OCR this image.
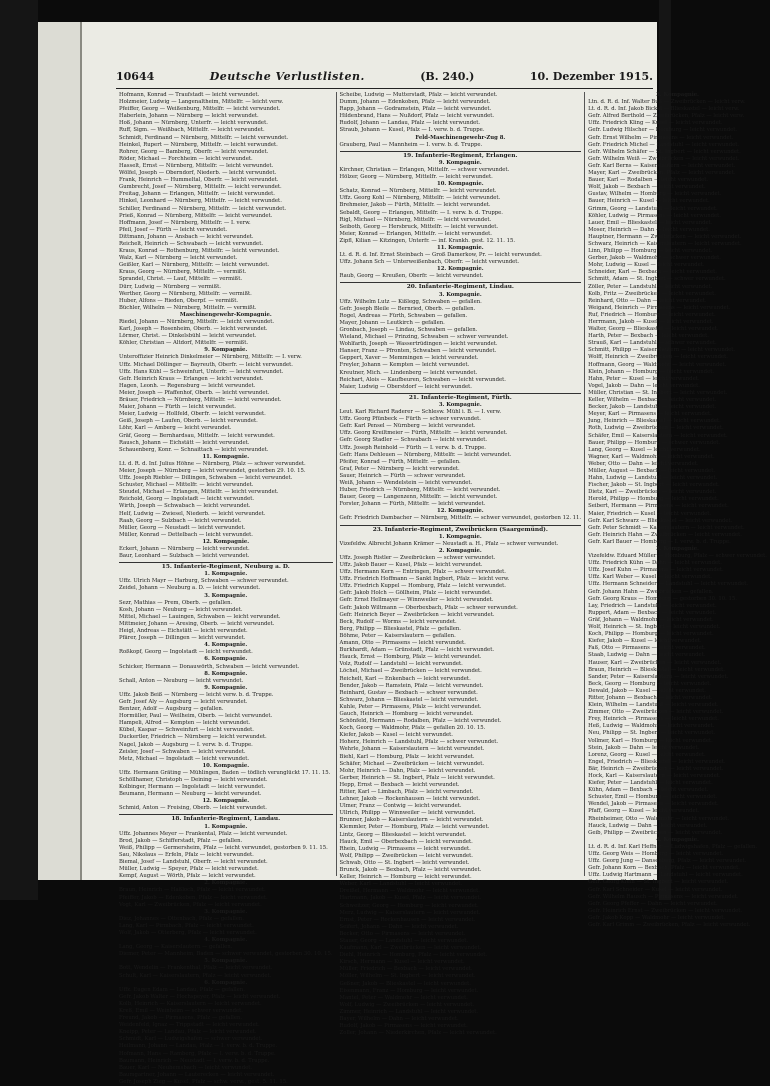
10644	Deutsche Verlustlisten.	(B. 240.)	10. Dezember 1915.
Hofmann, Konrad — Traufstadt — leicht verwundet.
Holzmeier, Ludwig — Langenaltheim, Mittelfr. — leicht verw.
Pfeiffer, Georg — Weißenburg, Mittelfr. — leicht verwundet.
Haberlein, Johann — Nürnberg — leicht verwundet.
Hoß, Johann — Nürnberg, Unterfr. — leicht verwundet.
Ruff, Sigm. — Weißbach, Mittelfr. — leicht verwundet.
Schmidt, Ferdinand — Nürnberg, Mittelfr. — leicht verwundet.
Heinkel, Rupert — Nürnberg, Mittelfr. — leicht verwundet.
Rohrer, Georg — Bamberg, Oberfr. — leicht verwundet.
Röder, Michael — Forchheim — leicht verwundet.
Hasselt, Ernst — Nürnberg, Mittelfr. — leicht verwundet.
Wölfel, Joseph — Oberndorf, Niederb. — leicht verwundet.
Frank, Heinrich — Hummeltal, Oberfr. — leicht verwundet.
Gumbrecht, Josef — Nürnberg, Mittelfr. — leicht verwundet.
Freitag, Johann — Erlangen, Mittelfr. — leicht verwundet.
Hinkel, Leonhard — Nürnberg, Mittelfr. — leicht verwundet.
Schiller, Ferdinand — Nürnberg, Mittelfr. — leicht verwundet.
Prieß, Konrad — Nürnberg, Mittelfr. — leicht verwundet.
Hoffmann, Josef — Nürnberg, Mittelfr. — I. verw.
Pfeil, Josef — Fürth — leicht verwundet.
Dittmann, Johann — Ansbach — leicht verwundet.
Reichelt, Heinrich — Schwabach — leicht verwundet.
Kraus, Konrad — Rothenburg, Mittelfr. — leicht verwundet.
Walz, Karl — Nürnberg — leicht verwundet.
Geißler, Karl — Nürnberg, Mittelfr. — leicht verwundet.
Kraus, Georg — Nürnberg, Mittelfr. — vermißt.
Sprandel, Christ. — Lauf, Mittelfr. — vermißt.
Dürr, Ludwig — Nürnberg — vermißt.
Werther, Georg — Nürnberg, Mittelfr. — vermißt.
Huber, Alfons — Rieden, Oberpf. — vermißt.
Büchler, Wilhelm — Nürnberg, Mittelfr. — vermißt.
Maschinengewehr-Kompagnie.
Riedel, Johann — Nürnberg, Mittelfr. — leicht verwundet.
Karl, Joseph — Rosenheim, Oberb. — leicht verwundet.
Lörmer, Christ. — Dinkelsbühl — leicht verwundet.
Köhler, Christian — Altdorf, Mittelfr. — vermißt.
9. Kompagnie.
Unteroffizier Heinrich Dinkelmeier — Nürnberg, Mittelfr. — I. verw.
Uffz. Michael Döllinger — Bayreuth, Oberfr. — leicht verwundet.
Uffz. Hans Kühl — Schweinfurt, Unterfr. — leicht verwundet.
Gefr. Heinrich Kraus — Erlangen — leicht verwundet.
Hagen, Leonh. — Regensburg — leicht verwundet.
Meier, Joseph — Pfaffenhof, Oberb. — leicht verwundet.
Bräuer, Friedrich — Nürnberg, Mittelfr. — leicht verwundet.
Maier, Johann — Fürth — leicht verwundet.
Meier, Ludwig — Hollfeld, Oberfr. — leicht verwundet.
Geiß, Joseph — Laufen, Oberb. — leicht verwundet.
Löhr, Karl — Amberg — leicht verwundet.
Gräf, Georg — Bernhardsau, Mittelfr. — leicht verwundet.
Rausch, Johann — Eichstätt — leicht verwundet.
Schauenberg, Konr. — Schnaittach — leicht verwundet.
11. Kompagnie.
Lt. d. R. d. Inf. Julius Höhne — Nürnberg, Pfalz — schwer verwundet.
Meier, Joseph — Nürnberg — leicht verwundet, gestorben 29. 10. 15.
Uffz. Joseph Riebler — Dillingen, Schwaben — leicht verwundet.
Schuster, Michael — Mittelfr. — leicht verwundet.
Steudel, Michael — Erlangen, Mittelfr. — leicht verwundet.
Reichold, Georg — Ingolstadt — leicht verwundet.
Wirth, Joseph — Schwabach — leicht verwundet.
Helf, Ludwig — Zwiesel, Niederb. — leicht verwundet.
Raab, Georg — Sulzbach — leicht verwundet.
Müller, Georg — Neustadt — leicht verwundet.
Müller, Konrad — Dettelbach — leicht verwundet.
12. Kompagnie.
Eckert, Johann — Nürnberg — leicht verwundet.
Baur, Leonhard — Sulzbach — leicht verwundet.
15. Infanterie-Regiment, Neuburg a. D.
1. Kompagnie.
Uffz. Ulrich Mayr — Harburg, Schwaben — schwer verwundet.
Zeidel, Johann — Neuburg a. D. — leicht verwundet.
3. Kompagnie.
Sezr, Mathias — Prem, Oberb. — gefallen.
Kosh, Johann — Neuburg — leicht verwundet.
Mittel, Michael — Lauingen, Schwaben — leicht verwundet.
Mittmeier, Johann — Aresing, Oberb. — leicht verwundet.
Heigl, Andreas — Eichstätt — leicht verwundet.
Pfärer, Joseph — Dillingen — leicht verwundet.
4. Kompagnie.
Roßkopf, Georg — Ingolstadt — leicht verwundet.
6. Kompagnie.
Schicker, Hermann — Donauwörth, Schwaben — leicht verwundet.
8. Kompagnie.
Schall, Anton — Neuburg — leicht verwundet.
9. Kompagnie.
Uffz. Jakob Beiß — Nürnberg — leicht verw. b. d. Truppe.
Gefr. Josef Aly — Augsburg — leicht verwundet.
Bentzer, Adolf — Augsburg — gefallen.
Hormüller, Paul — Weilheim, Oberb. — leicht verwundet.
Hampeli, Alfred — Kempten — leicht verwundet.
Kübel, Kaspar — Schweinfurt — leicht verwundet.
Duckertler, Friedrich — Nürnberg — leicht verwundet.
Nagel, Jakob — Augsburg — I. verw. b. d. Truppe.
Zeisler, Josef — Schwaben — leicht verwundet.
Metz, Michael — Ingolstadt — leicht verwundet.
10. Kompagnie.
Uffz. Hermann Gräting — Mühlingen, Baden — tödlich verunglückt 17. 11. 15.
Schöllhamer, Christoph — Deining — leicht verwundet.
Kolbinger, Hermann — Ingolstadt — leicht verwundet.
Beumann, Hermann — Neuburg — leicht verwundet.
12. Kompagnie.
Schmid, Anton — Freising, Oberb. — leicht verwundet.
18. Infanterie-Regiment, Landau.
1. Kompagnie.
Uffz. Johannes Meyer — Frankental, Pfalz — leicht verwundet.
Brod, Jakob — Schifferstadt, Pfalz — gefallen.
Weiß, Philipp — Germersheim, Pfalz — leicht verwundet, gestorben 9. 11. 15.
Sau, Nikolaus — Erfeln, Pfalz — leicht verwundet.
Biemal, Josef — Landstuhl, Oberfr. — leicht verwundet.
Müller, Ludwig — Speyer, Pfalz — leicht verwundet.
Kempf, August — Wörth, Pfalz — leicht verwundet.
2. Kompagnie.
Braun, Heinrich — Haßloch, Pfalz — leicht verwundet.
Pfeiffer, Jakob — Edenkoben, Pfalz — leicht verwundet.
Vogt, Karl — Zweibrücken, Pfalz — leicht verwundet.
3. Kompagnie.
Diez, Johannes — Ottenbach, Pfalz — gefallen.
Lang, Karl — Pirmbach, Pfalz — leicht verwundet.
Wolf, Jakob — Otterberg, Pfalz — leicht verwundet.
4. Kompagnie.
Lang, Georg — Kaiserslautern — gefallen.
Diemer, Peter — Mannheim, Baden — schwer verwundet, gestorben 30. 10. 15.
5. Kompagnie.
Bott, Wendelin — Frankenthal, Pfalz — leicht verwundet.
Schult, Karl — Kaiserslautern, Pfalz — leicht verwundet.
6. Kompagnie.
Uffz. Eugen Edam — Landau, Pfalz — gefallen.
Gefr. Jakob Walter — Hochspeyer, Pfalz — leicht verwundet.
Kolb, Heinrich — Kaiserslautern — leicht verwundet.
Kreß, Emil — Weinheim — schwer verwundet.
Freund, Jakob — Pirmasens, Pfalz — gefallen.
Weidenfeld, Ignaz — Trippstadt — leicht verwundet.
Kneipp, Peter — Landau, Pfalz — leicht verwundet.
Schmidt, Karl — Ludwigshafen — schwer verwundet.
Heilmann, Johann — Landau, Pfalz — I. verw. b. d. Truppe.
Hofmann, Hans — Ramberg, Pfalz — I. verw. b. d. Truppe.
Baumann, Heinrich — Neustadt — I. verw. b. d. Truppe.
Bauer, Karl — Neuhemsbach — leicht verwundet.
Baumgartner, Johann — Lauterecken — leicht verwundet.
Gefr. Joseph Zieg — Kusel, Pfalz — schw. verw., gest. 5. 11. 15.
Scheibe, Ludwig — Mutterstadt, Pfalz — leicht verwundet.
Dumm, Johann — Edenkoben, Pfalz — leicht verwundet.
Rapp, Johann — Godramstein, Pfalz — leicht verwundet.
Hildenbrand, Hans — Nußdorf, Pfalz — leicht verwundet.
Rudolf, Johann — Landau, Pfalz — leicht verwundet.
Straub, Johann — Kusel, Pfalz — I. verw. b. d. Truppe.
Feld-Maschinengewehr-Zug 8.
Grauberg, Paul — Mannheim — I. verw. b. d. Truppe.
19. Infanterie-Regiment, Erlangen.
9. Kompagnie.
Kirchner, Christian — Erlangen, Mittelfr. — schwer verwundet.
Hölzer, Georg — Nürnberg, Mittelfr. — leicht verwundet.
10. Kompagnie.
Schatz, Konrad — Nürnberg, Mittelfr. — leicht verwundet.
Uffz. Georg Kohl — Nürnberg, Mittelfr. — leicht verwundet.
Brehmeier, Jakob — Fürth, Mittelfr. — leicht verwundet.
Sebaldt, Georg — Erlangen, Mittelfr. — I. verw. b. d. Truppe.
Rigl, Michael — Nürnberg, Mittelfr. — leicht verwundet.
Seiboth, Georg — Hersbruck, Mittelfr. — leicht verwundet.
Meier, Konrad — Erlangen, Mittelfr. — leicht verwundet.
Zipfl, Kilian — Kitzingen, Unterfr. — inf. Krankh. gest. 12. 11. 15.
11. Kompagnie.
Lt. d. R. d. Inf. Ernst Steinbach — Groß Damerkow, Pr. — leicht verwundet.
Uffz. Johann Sch — Unterweißenbach, Oberfr. — leicht verwundet.
12. Kompagnie.
Raub, Georg — Kreußen, Oberfr. — leicht verwundet.
20. Infanterie-Regiment, Lindau.
3. Kompagnie.
Uffz. Wilhelm Lutz — Kißlegg, Schwaben — gefallen.
Gefr. Joseph Bleile — Bernried, Oberb. — gefallen.
Rogel, Andreas — Fürth, Schwaben — gefallen.
Mayer, Johann — Leutkirch — gefallen.
Gronbach, Joseph — Lindau, Schwaben — gefallen.
Wieland, Michael — Prinzing, Schwaben — schwer verwundet.
Wohlfarth, Joseph — Wassertrüdingen — leicht verwundet.
Hanser, Franz — Pfronten, Schwaben — leicht verwundet.
Geppert, Xaver — Memmingen — leicht verwundet.
Freyler, Johann — Kempten — leicht verwundet.
Kreutner, Mich. — Lindenberg — leicht verwundet.
Reichart, Alois — Kaufbeuren, Schwaben — leicht verwundet.
Maier, Ludwig — Oberstdorf — leicht verwundet.
21. Infanterie-Regiment, Fürth.
3. Kompagnie.
Leut. Karl Richard Raderer — Schlesw. Mühl i. B. — I. verw.
Uffz. Georg Pfünbeck — Fürth — schwer verwundet.
Gefr. Karl Pensel — Nürnberg — leicht verwundet.
Uffz. Georg Kreiltmeier — Fürth, Mittelfr. — leicht verwundet.
Gefr. Georg Stadler — Schwabach — leicht verwundet.
Uffz. Joseph Reinhold — Fürth — I. verw. b. d. Truppe.
Gefr. Hans Dehleuen — Nürnberg, Mittelfr. — leicht verwundet.
Pfeifer, Konrad — Fürth, Mittelfr. — gefallen.
Graf, Peter — Nürnberg — leicht verwundet.
Sauer, Heinrich — Fürth — schwer verwundet.
Weiß, Johann — Wendelstein — leicht verwundet.
Huber, Friedrich — Nürnberg, Mittelfr. — leicht verwundet.
Bauer, Georg — Langenzenn, Mittelfr. — leicht verwundet.
Forster, Johann — Fürth, Mittelfr. — leicht verwundet.
12. Kompagnie.
Gefr. Friedrich Dambacher — Nürnberg, Mittelfr. — schwer verwundet, gestorben 12. 11.
23. Infanterie-Regiment, Zweibrücken (Saargemünd).
1. Kompagnie.
Vizefeldw. Albrecht Johann Krämer — Neustadt a. H., Pfalz — schwer verwundet.
2. Kompagnie.
Uffz. Joseph Ristler — Zweibrücken — schwer verwundet.
Uffz. Jakob Bauer — Kusel, Pfalz — leicht verwundet.
Uffz. Hermann Kern — Entringen, Pfalz — schwer verwundet.
Uffz. Friedrich Hoffmann — Sankt Ingbert, Pfalz — leicht verw.
Uffz. Friedrich Kuppel — Homburg, Pfalz — leicht verwundet.
Gefr. Jakob Holch — Göllheim, Pfalz — leicht verwundet.
Gefr. Ernst Hellmayer — Winnweiler — leicht verwundet.
Gefr. Jakob Wiltmann — Oberbexbach, Pfalz — schwer verwundet.
Gefr. Heinrich Beyer — Zweibrücken — leicht verwundet.
Beck, Rudolf — Worms — leicht verwundet.
Berg, Philipp — Blieskastel, Pfalz — gefallen.
Böhme, Peter — Kaiserslautern — gefallen.
Amann, Otto — Pirmasens — leicht verwundet.
Burkhardt, Adam — Grünstadt, Pfalz — leicht verwundet.
Hauck, Ernst — Homburg, Pfalz — leicht verwundet.
Volz, Rudolf — Landstuhl — leicht verwundet.
Löchel, Michael — Zweibrücken — leicht verwundet.
Reichelt, Karl — Enkenbach — leicht verwundet.
Bender, Jakob — Ramstein, Pfalz — leicht verwundet.
Reinhard, Gustav — Bexbach — schwer verwundet.
Schwarz, Johann — Blieskastel — leicht verwundet.
Kuhle, Peter — Pirmasens, Pfalz — leicht verwundet.
Gauch, Heinrich — Homburg — leicht verwundet.
Schönfeld, Hermann — Rodalben, Pfalz — leicht verwundet.
Koch, Georg — Waldmohr, Pfalz — gefallen 20. 10. 15.
Kiefer, Jakob — Kusel — leicht verwundet.
Hoherz, Heinrich — Landstuhl, Pfalz — schwer verwundet.
Wehrle, Johann — Kaiserslautern — leicht verwundet.
Biehl, Karl — Homburg, Pfalz — leicht verwundet.
Schäfer, Michael — Zweibrücken — leicht verwundet.
Mohr, Heinrich — Dahn, Pfalz — leicht verwundet.
Gerber, Heinrich — St. Ingbert, Pfalz — leicht verwundet.
Hepp, Ernst — Bexbach — leicht verwundet.
Ritter, Karl — Limbach, Pfalz — leicht verwundet.
Lehner, Jakob — Rockenhausen — leicht verwundet.
Ulmer, Franz — Contwig — leicht verwundet.
Ullrich, Philipp — Winnweiler — leicht verwundet.
Brunner, Jakob — Kaiserslautern — leicht verwundet.
Klemmler, Peter — Homburg, Pfalz — leicht verwundet.
Lintz, Georg — Blieskastel — leicht verwundet.
Hauck, Emil — Oberbexbach — leicht verwundet.
Rhein, Ludwig — Pirmasens — leicht verwundet.
Wolf, Philipp — Zweibrücken — leicht verwundet.
Schwab, Otto — St. Ingbert — leicht verwundet.
Brunck, Jakob — Bexbach, Pfalz — leicht verwundet.
Keller, Heinrich — Homburg — leicht verwundet.
Weber, Karl — Landstuhl — leicht verwundet.
Dreißel, Hermann — Waldmohr — leicht verwundet.
Hartmann, Jakob — Kusel, Pfalz — leicht verwundet.
Schweitzer, Georg — Homburg — leicht verwundet.
Merz, Ludwig — Kaiserslautern — leicht verwundet.
Ernst, Peter — Rockenhausen — leicht verwundet.
Seifert, Johann — Dahn — leicht verwundet.
Becker, Otto — Pirmasens — leicht verwundet.
Stauer, Georg — Landstuhl — leicht verwundet.
Kaufmann, Karl — Zweibrücken — leicht verwundet.
Diehl, Heinrich — Homburg, Pfalz — leicht verwundet.
Kirsch, Hermann — Kusel — leicht verwundet.
Müller, Friedrich — Bexbach — leicht verwundet.
Möller, Wilhelm — St. Ingbert — leicht verwundet.
Geßner, Jakob — Blieskastel — leicht verwundet.
Eisenmann, Franz — Homburg — leicht verwundet.
Mantel, Peter — Waldmohr — leicht verwundet.
Wolf, Ludwig — Zweibrücken — leicht verwundet.
Zimmer, Heinrich — Landstuhl — leicht verwundet.
Bayer, Wilhelm — Dahn — leicht verwundet.
Rudolf, Jakob — Pirmasens — leicht verwundet.
Zoller, Johann — Niederkirchen, Pfalz — leicht verwundet.
3. Kompagnie.
Ltn. d. R. d. Inf. Walter Buß — Zweibrücken — leicht verw.
Lt. d. R. d. Inf. Jakob Bickel — Blieskastel — leicht verw.
Gefr. Alfred Berthold — Zweibrücken, Pfalz — leicht verw.
Uffz. Friedrich Kling — Kusel — leicht verwundet.
Gefr. Ludwig Hilscher — Homburg — leicht verwundet.
Gefr. Ernst Wilhelm — Pirmasens — leicht verwundet.
Gefr. Friedrich Michel — Landstuhl — leicht verwundet.
Gefr. Wilhelm Schäfer — St. Ingbert — leicht verwundet.
Gefr. Wilhelm Weiß — Zweibrücken — leicht verwundet.
Gefr. Karl Berns — Kaiserslautern — leicht verwundet.
Mayer, Karl — Zweibrücken, Pfalz — leicht verwundet.
Bauer, Karl — Rodalben — leicht verwundet.
Wolf, Jakob — Bexbach — leicht verwundet.
Gustav, Wilhelm — Homburg — leicht verwundet.
Bauer, Heinrich — Kusel — leicht verwundet.
Grimm, Georg — Landstuhl — leicht verwundet.
Köhler, Ludwig — Pirmasens — leicht verwundet.
Lauer, Emil — Blieskastel — leicht verwundet.
Moser, Heinrich — Dahn — leicht verwundet.
Hauptner, Hermann — Zweibrücken — leicht verwundet.
Schwarz, Heinrich — Kaiserslautern — leicht verwundet.
Linn, Philipp — Homburg — leicht verwundet.
Gerber, Jakob — Waldmohr — schwer verwundet.
Mohr, Ludwig — Kusel — leicht verwundet.
Schneider, Karl — Bexbach — leicht verwundet.
Schmitt, Adam — St. Ingbert — schwer verwundet.
Zöller, Peter — Landstuhl — leicht verwundet.
Kolb, Fritz — Zweibrücken — leicht verwundet.
Reinhard, Otto — Dahn — leicht verwundet.
Weigand, Heinrich — Pirmasens — leicht verwundet.
Ruf, Friedrich — Homburg — leicht verwundet.
Herrmann, Jakob — Kusel — leicht verwundet.
Walter, Georg — Blieskastel — leicht verwundet.
Harth, Peter — Bexbach — leicht verwundet.
Strauß, Karl — Landstuhl — schwer verwundet.
Schmitt, Philipp — Kaiserslautern — leicht verwundet.
Wolff, Heinrich — Zweibrücken — leicht verwundet.
Hoffmann, Georg — Waldmohr — leicht verwundet.
Klein, Johann — Homburg — leicht verwundet.
Hahn, Peter — Kusel — leicht verwundet.
Vogel, Jakob — Dahn — leicht verwundet.
Müller, Christian — St. Ingbert — leicht verwundet.
Keller, Wilhelm — Bexbach — leicht verwundet.
Becker, Jakob — Landstuhl — leicht verwundet.
Meyer, Karl — Pirmasens — leicht verwundet.
Jung, Heinrich — Blieskastel — leicht verwundet.
Roth, Ludwig — Zweibrücken — leicht verwundet.
Schäfer, Emil — Kaiserslautern — leicht verwundet.
Bauer, Philipp — Homburg — schwer verwundet.
Lang, Georg — Kusel — leicht verwundet.
Wagner, Karl — Waldmohr — leicht verwundet.
Weber, Otto — Dahn — leicht verwundet.
Müller, August — Bexbach — leicht verwundet.
Hahn, Ludwig — Landstuhl — leicht verwundet.
Fischer, Jakob — St. Ingbert — leicht verwundet.
Dietz, Karl — Zweibrücken — leicht verwundet.
Herold, Philipp — Homburg — leicht verwundet.
Seibert, Hermann — Pirmasens — leicht verwundet.
Maier, Friedrich — Kusel — leicht verwundet.
Gefr. Karl Schwarz — Blieskastel — leicht verwundet.
Gefr. Peter Schmidt — Kaiserslautern — leicht verwundet.
Gefr. Heinrich Hahn — Zweibrücken — leicht verwundet.
Gefr. Karl Bauer — Homburg — I. verw. b. d. Truppe.
3. Kompagnie.
Vizefeldw. Eduard Müller — Homburg, Pfalz — schwer verwundet.
Uffz. Friedrich Kühn — Dahn — leicht verwundet.
Uffz. Josef Kuhn — Pirmasens — leicht verwundet.
Uffz. Karl Weber — Kusel — leicht verwundet.
Uffz. Hermann Schneider — Landstuhl — leicht verwundet.
Gefr. Johann Hahn — Zweibrücken — gefallen.
Gefr. Georg Kraus — Homburg — gestorben 30. 10. 15.
Lay, Friedrich — Landstuhl — leicht verwundet.
Ruppert, Adam — Bexbach — leicht verwundet.
Gräf, Johann — Waldmohr — leicht verwundet.
Wolf, Heinrich — St. Ingbert — leicht verwundet.
Koch, Philipp — Homburg — leicht verwundet.
Kiefer, Jakob — Kusel — leicht verwundet.
Faß, Otto — Pirmasens — leicht verwundet.
Staab, Ludwig — Dahn — leicht verwundet.
Hauser, Karl — Zweibrücken — leicht verwundet.
Braun, Heinrich — Blieskastel — leicht verwundet.
Sander, Peter — Kaiserslautern — leicht verwundet.
Beck, Georg — Homburg — leicht verwundet.
Dewald, Jakob — Kusel — leicht verwundet.
Ritter, Johann — Bexbach — leicht verwundet.
Klein, Wilhelm — Landstuhl — leicht verwundet.
Zimmer, Otto — Zweibrücken — leicht verwundet.
Frey, Heinrich — Pirmasens — leicht verwundet.
Heß, Ludwig — Waldmohr — leicht verwundet.
Neu, Philipp — St. Ingbert — leicht verwundet.
Vollmer, Karl — Homburg — leicht verwundet.
Stein, Jakob — Dahn — leicht verwundet.
Lorenz, Georg — Kusel — leicht verwundet.
Engel, Friedrich — Blieskastel — leicht verwundet.
Bär, Heinrich — Zweibrücken — leicht verwundet.
Hock, Karl — Kaiserslautern — leicht verwundet.
Kiefer, Peter — Landstuhl — leicht verwundet.
Kühn, Adam — Bexbach — leicht verwundet.
Schuster, Emil — Homburg — leicht verwundet.
Wendel, Jakob — Pirmasens — leicht verwundet.
Pfaff, Georg — Kusel — leicht verwundet.
Rheinheimer, Otto — Waldmohr — leicht verwundet.
Hauck, Ludwig — Dahn — leicht verwundet.
Geib, Philipp — Zweibrücken — leicht verwundet.
4. Kompagnie.
Lt. d. R. d. Inf. Karl Heffner — Ludwigshafen, Pfalz — gefallen.
Uffz. Georg Weis — Homburg — leicht verwundet.
Uffz. Georg Jung — Dansenberg, Pfalz — leicht verwundet.
Gefr. Johann Korn — Bexbach, Pfalz — leicht verwundet.
Uffz. Ludwig Hartmann — Landstuhl — leicht verwundet.
Gefr. Georg Klein — St. Ingbert — leicht verwundet.
Gefr. Karl Schneider — Kusel — leicht verwundet.
Gefr. Wilhelm Rausch — Pirmasens — leicht verwundet.
Gefr. Georg Pfeffer — Dahn — leicht verwundet.
Gefr. Heinrich Ernst — Zweibrücken — leicht verwundet.
Gefr. Jakob Kopp — Waldmohr — leicht verwundet.
Gefr. Karl Grimm — Zweibrücken, Pfalz — leicht verwundet.
